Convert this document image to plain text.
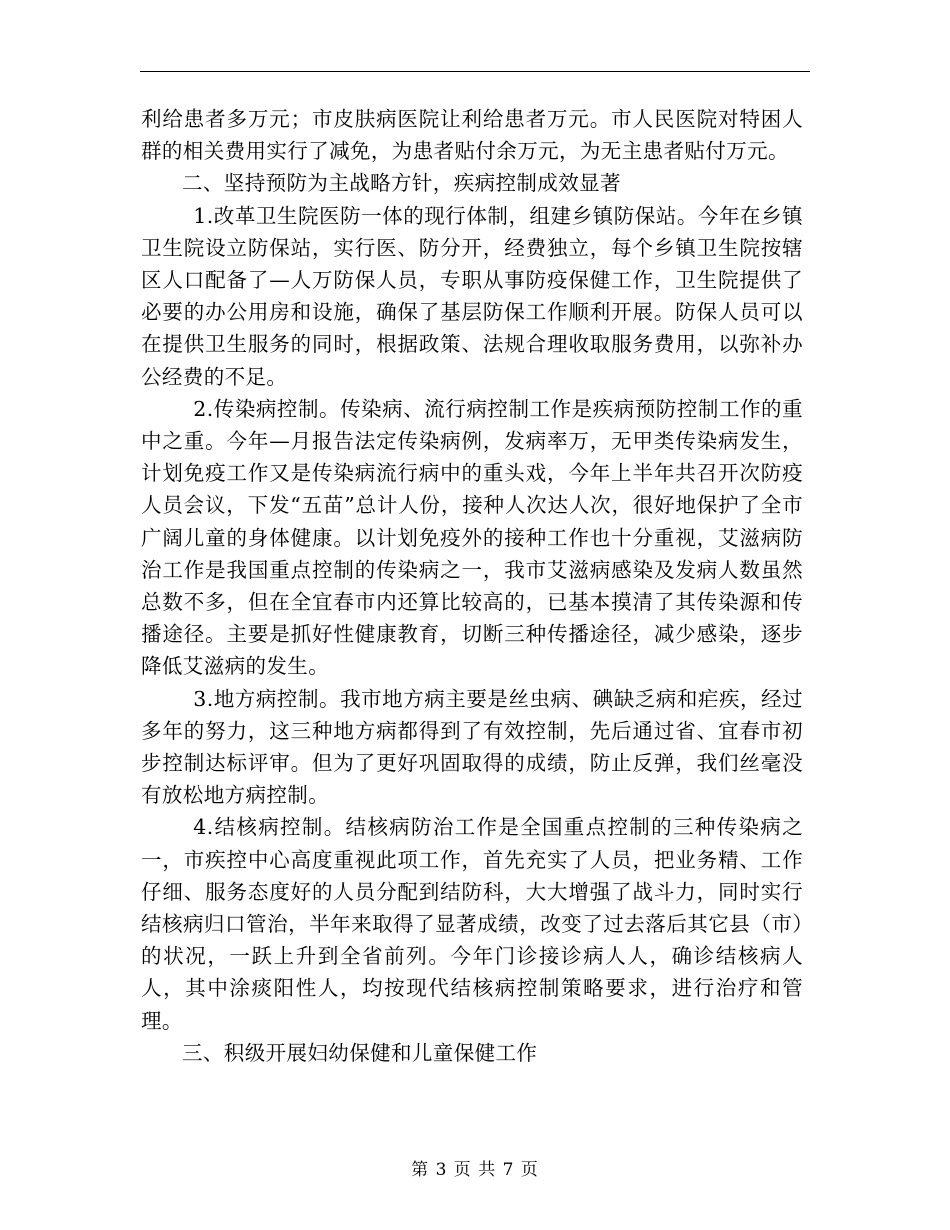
利给患者多万元；市皮肤病医院让利给患者万元。市人民医院对特困人群的相关费用实行了减免，为患者贴付余万元，为无主患者贴付万元。

二、坚持预防为主战略方针，疾病控制成效显著

1.改革卫生院医防一体的现行体制，组建乡镇防保站。今年在乡镇卫生院设立防保站，实行医、防分开，经费独立，每个乡镇卫生院按辖区人口配备了—人万防保人员，专职从事防疫保健工作，卫生院提供了必要的办公用房和设施，确保了基层防保工作顺利开展。防保人员可以在提供卫生服务的同时，根据政策、法规合理收取服务费用，以弥补办公经费的不足。

2.传染病控制。传染病、流行病控制工作是疾病预防控制工作的重中之重。今年—月报告法定传染病例，发病率万，无甲类传染病发生，计划免疫工作又是传染病流行病中的重头戏，今年上半年共召开次防疫人员会议，下发“五苗”总计人份，接种人次达人次，很好地保护了全市广阔儿童的身体健康。以计划免疫外的接种工作也十分重视，艾滋病防治工作是我国重点控制的传染病之一，我市艾滋病感染及发病人数虽然总数不多，但在全宜春市内还算比较高的，已基本摸清了其传染源和传播途径。主要是抓好性健康教育，切断三种传播途径，减少感染，逐步降低艾滋病的发生。

3.地方病控制。我市地方病主要是丝虫病、碘缺乏病和疟疾，经过多年的努力，这三种地方病都得到了有效控制，先后通过省、宜春市初步控制达标评审。但为了更好巩固取得的成绩，防止反弹，我们丝毫没有放松地方病控制。

4.结核病控制。结核病防治工作是全国重点控制的三种传染病之一，市疾控中心高度重视此项工作，首先充实了人员，把业务精、工作仔细、服务态度好的人员分配到结防科，大大增强了战斗力，同时实行结核病归口管治，半年来取得了显著成绩，改变了过去落后其它县（市）的状况，一跃上升到全省前列。今年门诊接诊病人人，确诊结核病人人，其中涂痰阳性人，均按现代结核病控制策略要求，进行治疗和管理。

三、积级开展妇幼保健和儿童保健工作

第 3 页 共 7 页
